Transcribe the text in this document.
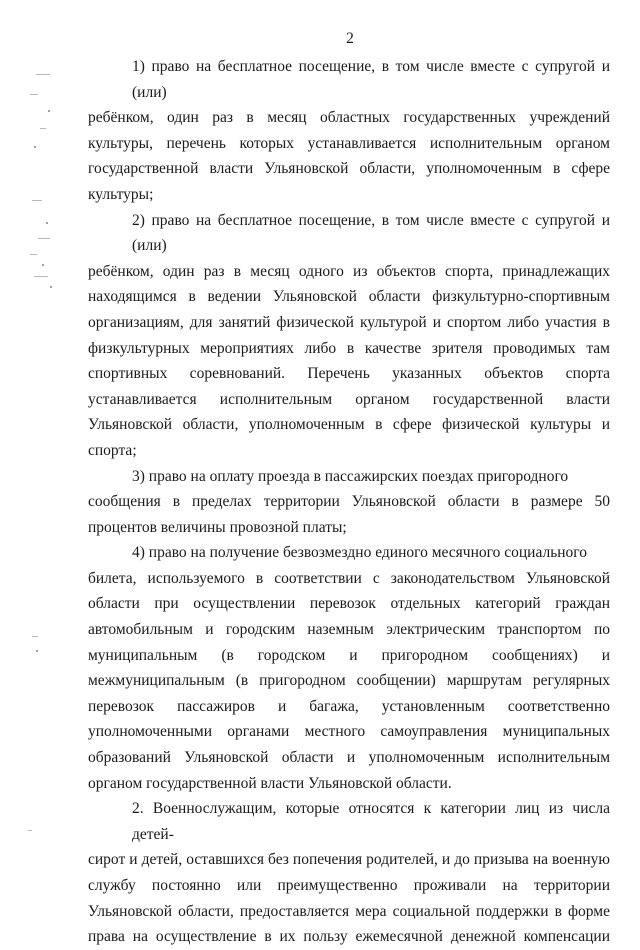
2

1) право на бесплатное посещение, в том числе вместе с супругой и (или)
ребёнком, один раз в месяц областных государственных учреждений культуры, перечень которых устанавливается исполнительным органом государственной власти Ульяновской области, уполномоченным в сфере культуры;

2) право на бесплатное посещение, в том числе вместе с супругой и (или)
ребёнком, один раз в месяц одного из объектов спорта, принадлежащих находящимся в ведении Ульяновской области физкультурно-спортивным организациям, для занятий физической культурой и спортом либо участия в физкультурных мероприятиях либо в качестве зрителя проводимых там спортивных соревнований. Перечень указанных объектов спорта устанавливается исполнительным органом государственной власти Ульяновской области, уполномоченным в сфере физической культуры и спорта;

3) право на оплату проезда в пассажирских поездах пригородного
сообщения в пределах территории Ульяновской области в размере 50 процентов величины провозной платы;

4) право на получение безвозмездно единого месячного социального
билета, используемого в соответствии с законодательством Ульяновской области при осуществлении перевозок отдельных категорий граждан автомобильным и городским наземным электрическим транспортом по муниципальным (в городском и пригородном сообщениях) и межмуниципальным (в пригородном сообщении) маршрутам регулярных перевозок пассажиров и багажа, установленным соответственно уполномоченными органами местного самоуправления муниципальных образований Ульяновской области и уполномоченным исполнительным органом государственной власти Ульяновской области.

2. Военнослужащим, которые относятся к категории лиц из числа детей-
сирот и детей, оставшихся без попечения родителей, и до призыва на военную службу постоянно или преимущественно проживали на территории Ульяновской области, предоставляется мера социальной поддержки в форме права на осуществление в их пользу ежемесячной денежной компенсации
